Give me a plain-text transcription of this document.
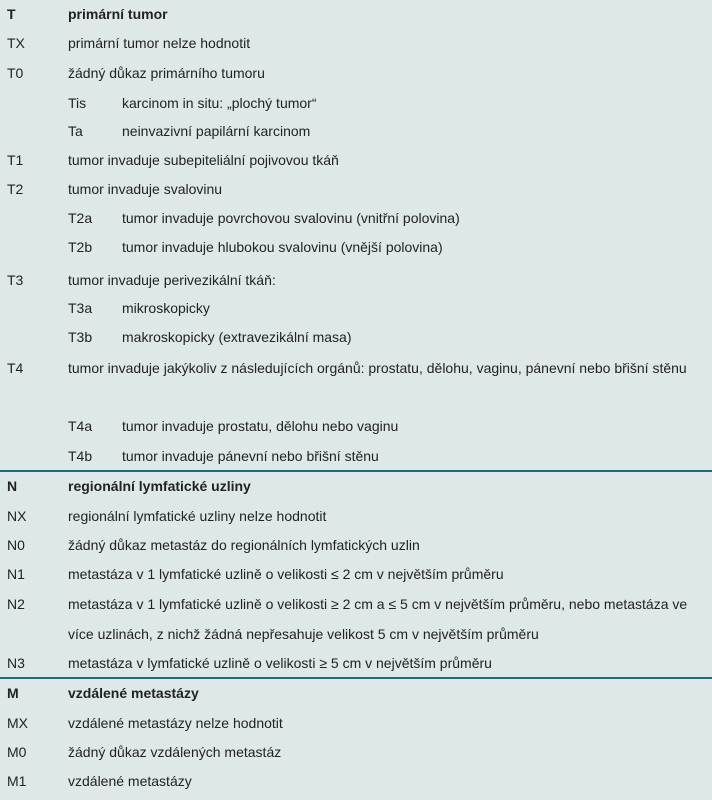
T	primární tumor
TX	primární tumor nelze hodnotit
T0	žádný důkaz primárního tumoru
Tis	karcinom in situ: „plochý tumor“
Ta	neinvazivní papilární karcinom
T1	tumor invaduje subepiteliální pojivovou tkáň
T2	tumor invaduje svalovinu
T2a tumor invaduje povrchovou svalovinu (vnitřní polovina)
T2b tumor invaduje hlubokou svalovinu (vnější polovina)
T3	tumor invaduje perivezikální tkáň:
T3a mikroskopicky
T3b makroskopicky (extravezikální masa)
T4	tumor invaduje jakýkoliv z následujících orgánů: prostatu, dělohu, vaginu, pánevní nebo břišní stěnu
T4a tumor invaduje prostatu, dělohu nebo vaginu
T4b tumor invaduje pánevní nebo břišní stěnu
N	regionální lymfatické uzliny
NX	regionální lymfatické uzliny nelze hodnotit
N0	žádný důkaz metastáz do regionálních lymfatických uzlin
N1	metastáza v 1 lymfatické uzlině o velikosti ≤ 2 cm v největším průměru
N2	metastáza v 1 lymfatické uzlině o velikosti ≥ 2 cm a ≤ 5 cm v největším průměru, nebo metastáza ve více uzlinách, z nichž žádná nepřesahuje velikost 5 cm v největším průměru
N3	metastáza v lymfatické uzlině o velikosti ≥ 5 cm v největším průměru
M	vzdálené metastázy
MX	vzdálené metastázy nelze hodnotit
M0	žádný důkaz vzdálených metastáz
M1	vzdálené metastázy
